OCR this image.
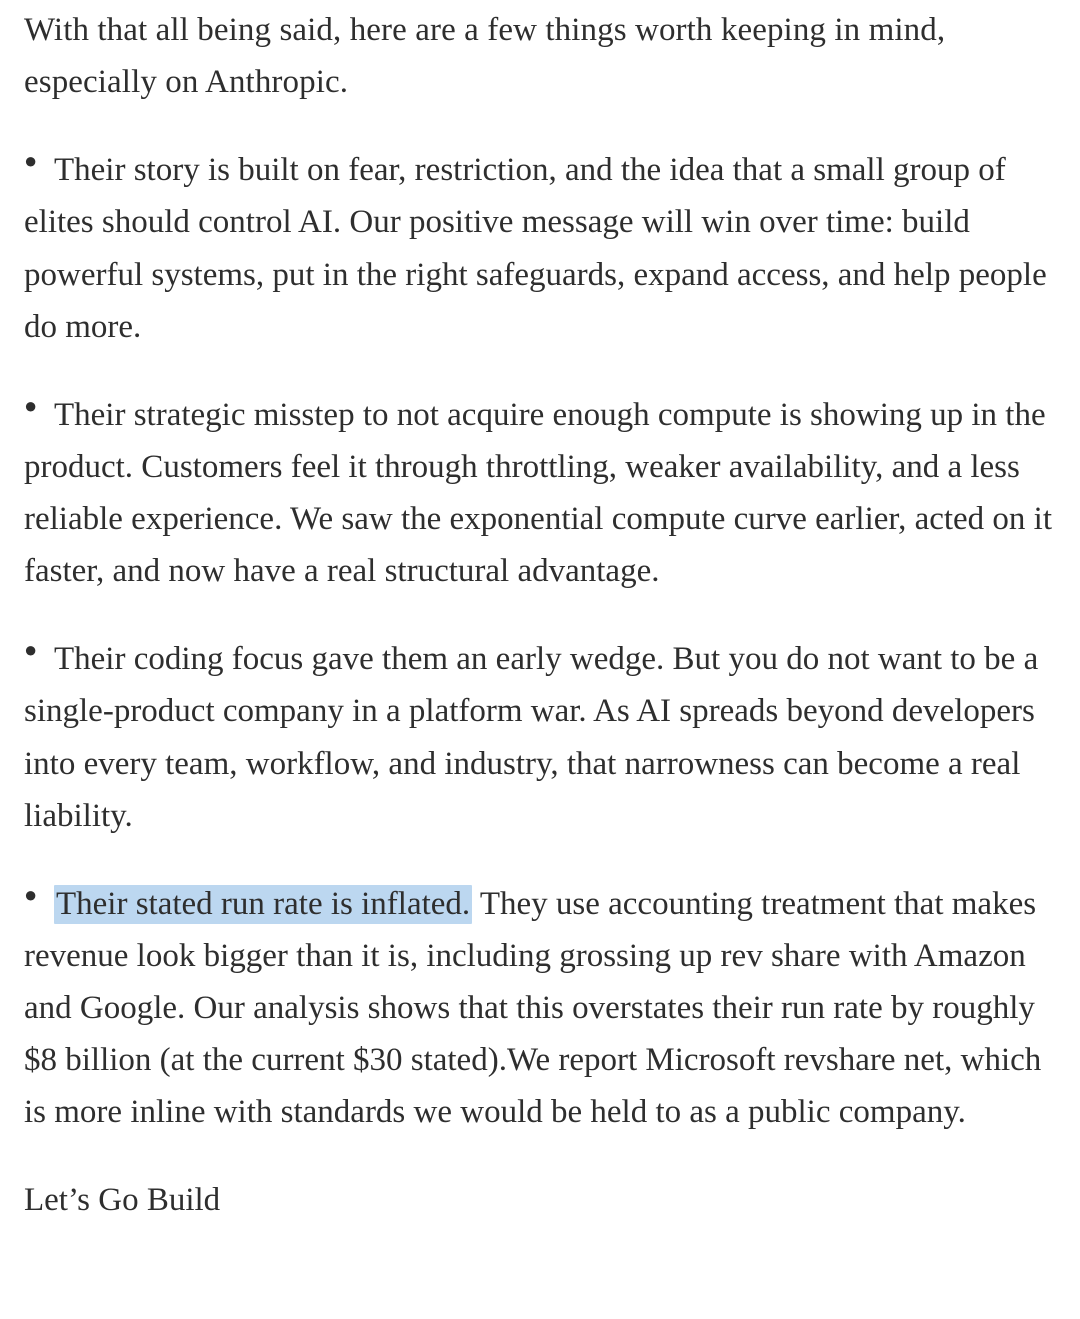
With that all being said, here are a few things worth keeping in mind, especially on Anthropic.

● Their story is built on fear, restriction, and the idea that a small group of elites should control AI. Our positive message will win over time: build powerful systems, put in the right safeguards, expand access, and help people do more.
● Their strategic misstep to not acquire enough compute is showing up in the product. Customers feel it through throttling, weaker availability, and a less reliable experience. We saw the exponential compute curve earlier, acted on it faster, and now have a real structural advantage.
● Their coding focus gave them an early wedge. But you do not want to be a single-product company in a platform war. As AI spreads beyond developers into every team, workflow, and industry, that narrowness can become a real liability.
● Their stated run rate is inflated. They use accounting treatment that makes revenue look bigger than it is, including grossing up rev share with Amazon and Google. Our analysis shows that this overstates their run rate by roughly $8 billion (at the current $30 stated).We report Microsoft revshare net, which is more inline with standards we would be held to as a public company.

Let’s Go Build
